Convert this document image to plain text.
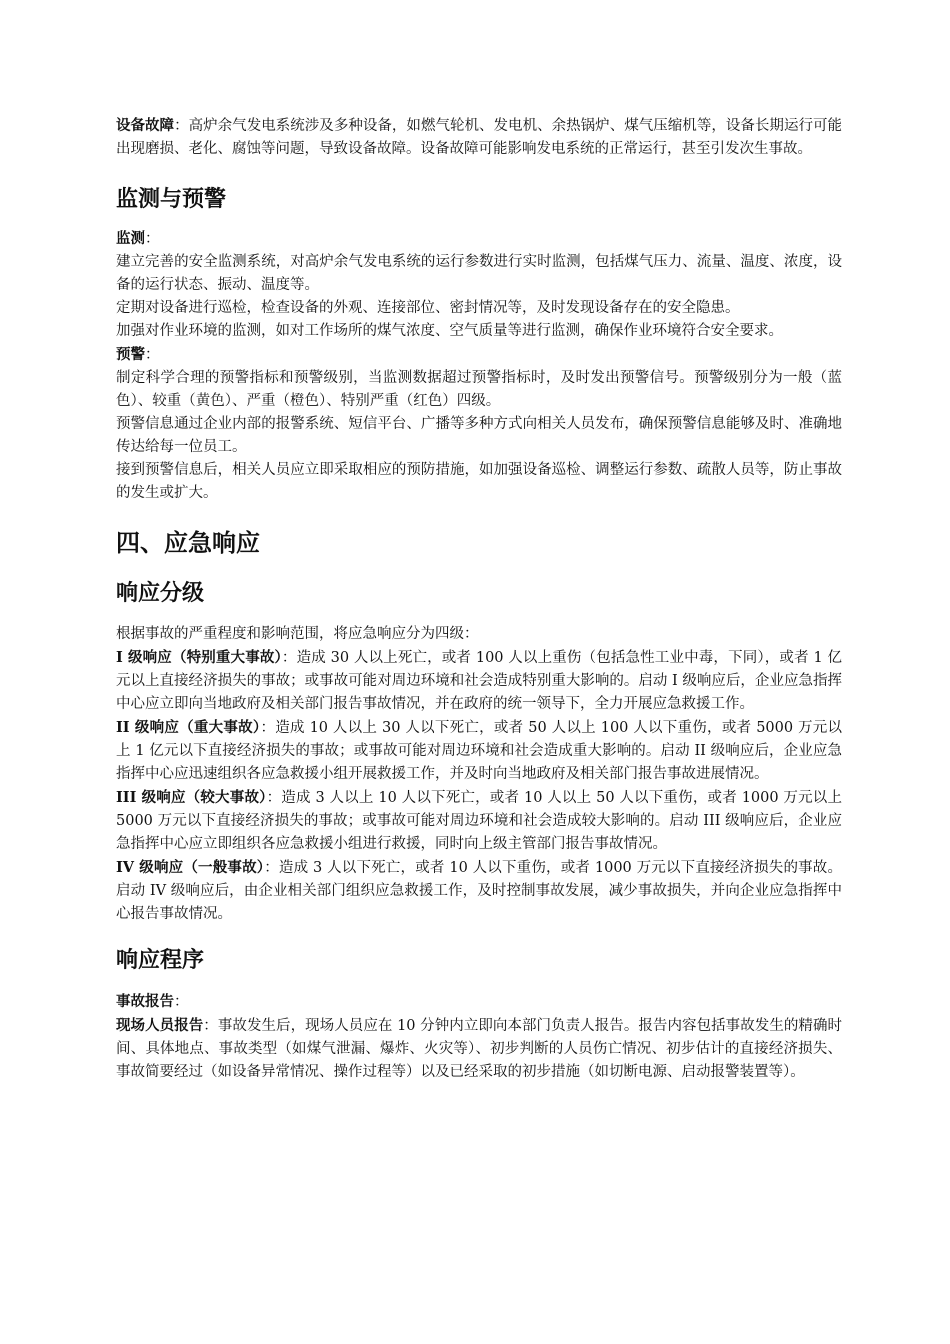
设备故障：高炉余气发电系统涉及多种设备，如燃气轮机、发电机、余热锅炉、煤气压缩机等，设备长期运行可能出现磨损、老化、腐蚀等问题，导致设备故障。设备故障可能影响发电系统的正常运行，甚至引发次生事故。

监测与预警

监测：

建立完善的安全监测系统，对高炉余气发电系统的运行参数进行实时监测，包括煤气压力、流量、温度、浓度，设备的运行状态、振动、温度等。

定期对设备进行巡检，检查设备的外观、连接部位、密封情况等，及时发现设备存在的安全隐患。

加强对作业环境的监测，如对工作场所的煤气浓度、空气质量等进行监测，确保作业环境符合安全要求。

预警：

制定科学合理的预警指标和预警级别，当监测数据超过预警指标时，及时发出预警信号。预警级别分为一般（蓝色）、较重（黄色）、严重（橙色）、特别严重（红色）四级。

预警信息通过企业内部的报警系统、短信平台、广播等多种方式向相关人员发布，确保预警信息能够及时、准确地传达给每一位员工。

接到预警信息后，相关人员应立即采取相应的预防措施，如加强设备巡检、调整运行参数、疏散人员等，防止事故的发生或扩大。

四、应急响应
响应分级

根据事故的严重程度和影响范围，将应急响应分为四级：

I 级响应（特别重大事故）：造成 30 人以上死亡，或者 100 人以上重伤（包括急性工业中毒，下同），或者 1 亿元以上直接经济损失的事故；或事故可能对周边环境和社会造成特别重大影响的。启动 I 级响应后，企业应急指挥中心应立即向当地政府及相关部门报告事故情况，并在政府的统一领导下，全力开展应急救援工作。

II 级响应（重大事故）：造成 10 人以上 30 人以下死亡，或者 50 人以上 100 人以下重伤，或者 5000 万元以上 1 亿元以下直接经济损失的事故；或事故可能对周边环境和社会造成重大影响的。启动 II 级响应后，企业应急指挥中心应迅速组织各应急救援小组开展救援工作，并及时向当地政府及相关部门报告事故进展情况。

III 级响应（较大事故）：造成 3 人以上 10 人以下死亡，或者 10 人以上 50 人以下重伤，或者 1000 万元以上 5000 万元以下直接经济损失的事故；或事故可能对周边环境和社会造成较大影响的。启动 III 级响应后，企业应急指挥中心应立即组织各应急救援小组进行救援，同时向上级主管部门报告事故情况。

IV 级响应（一般事故）：造成 3 人以下死亡，或者 10 人以下重伤，或者 1000 万元以下直接经济损失的事故。启动 IV 级响应后，由企业相关部门组织应急救援工作，及时控制事故发展，减少事故损失，并向企业应急指挥中心报告事故情况。

响应程序

事故报告：

现场人员报告：事故发生后，现场人员应在 10 分钟内立即向本部门负责人报告。报告内容包括事故发生的精确时间、具体地点、事故类型（如煤气泄漏、爆炸、火灾等）、初步判断的人员伤亡情况、初步估计的直接经济损失、事故简要经过（如设备异常情况、操作过程等）以及已经采取的初步措施（如切断电源、启动报警装置等）。
